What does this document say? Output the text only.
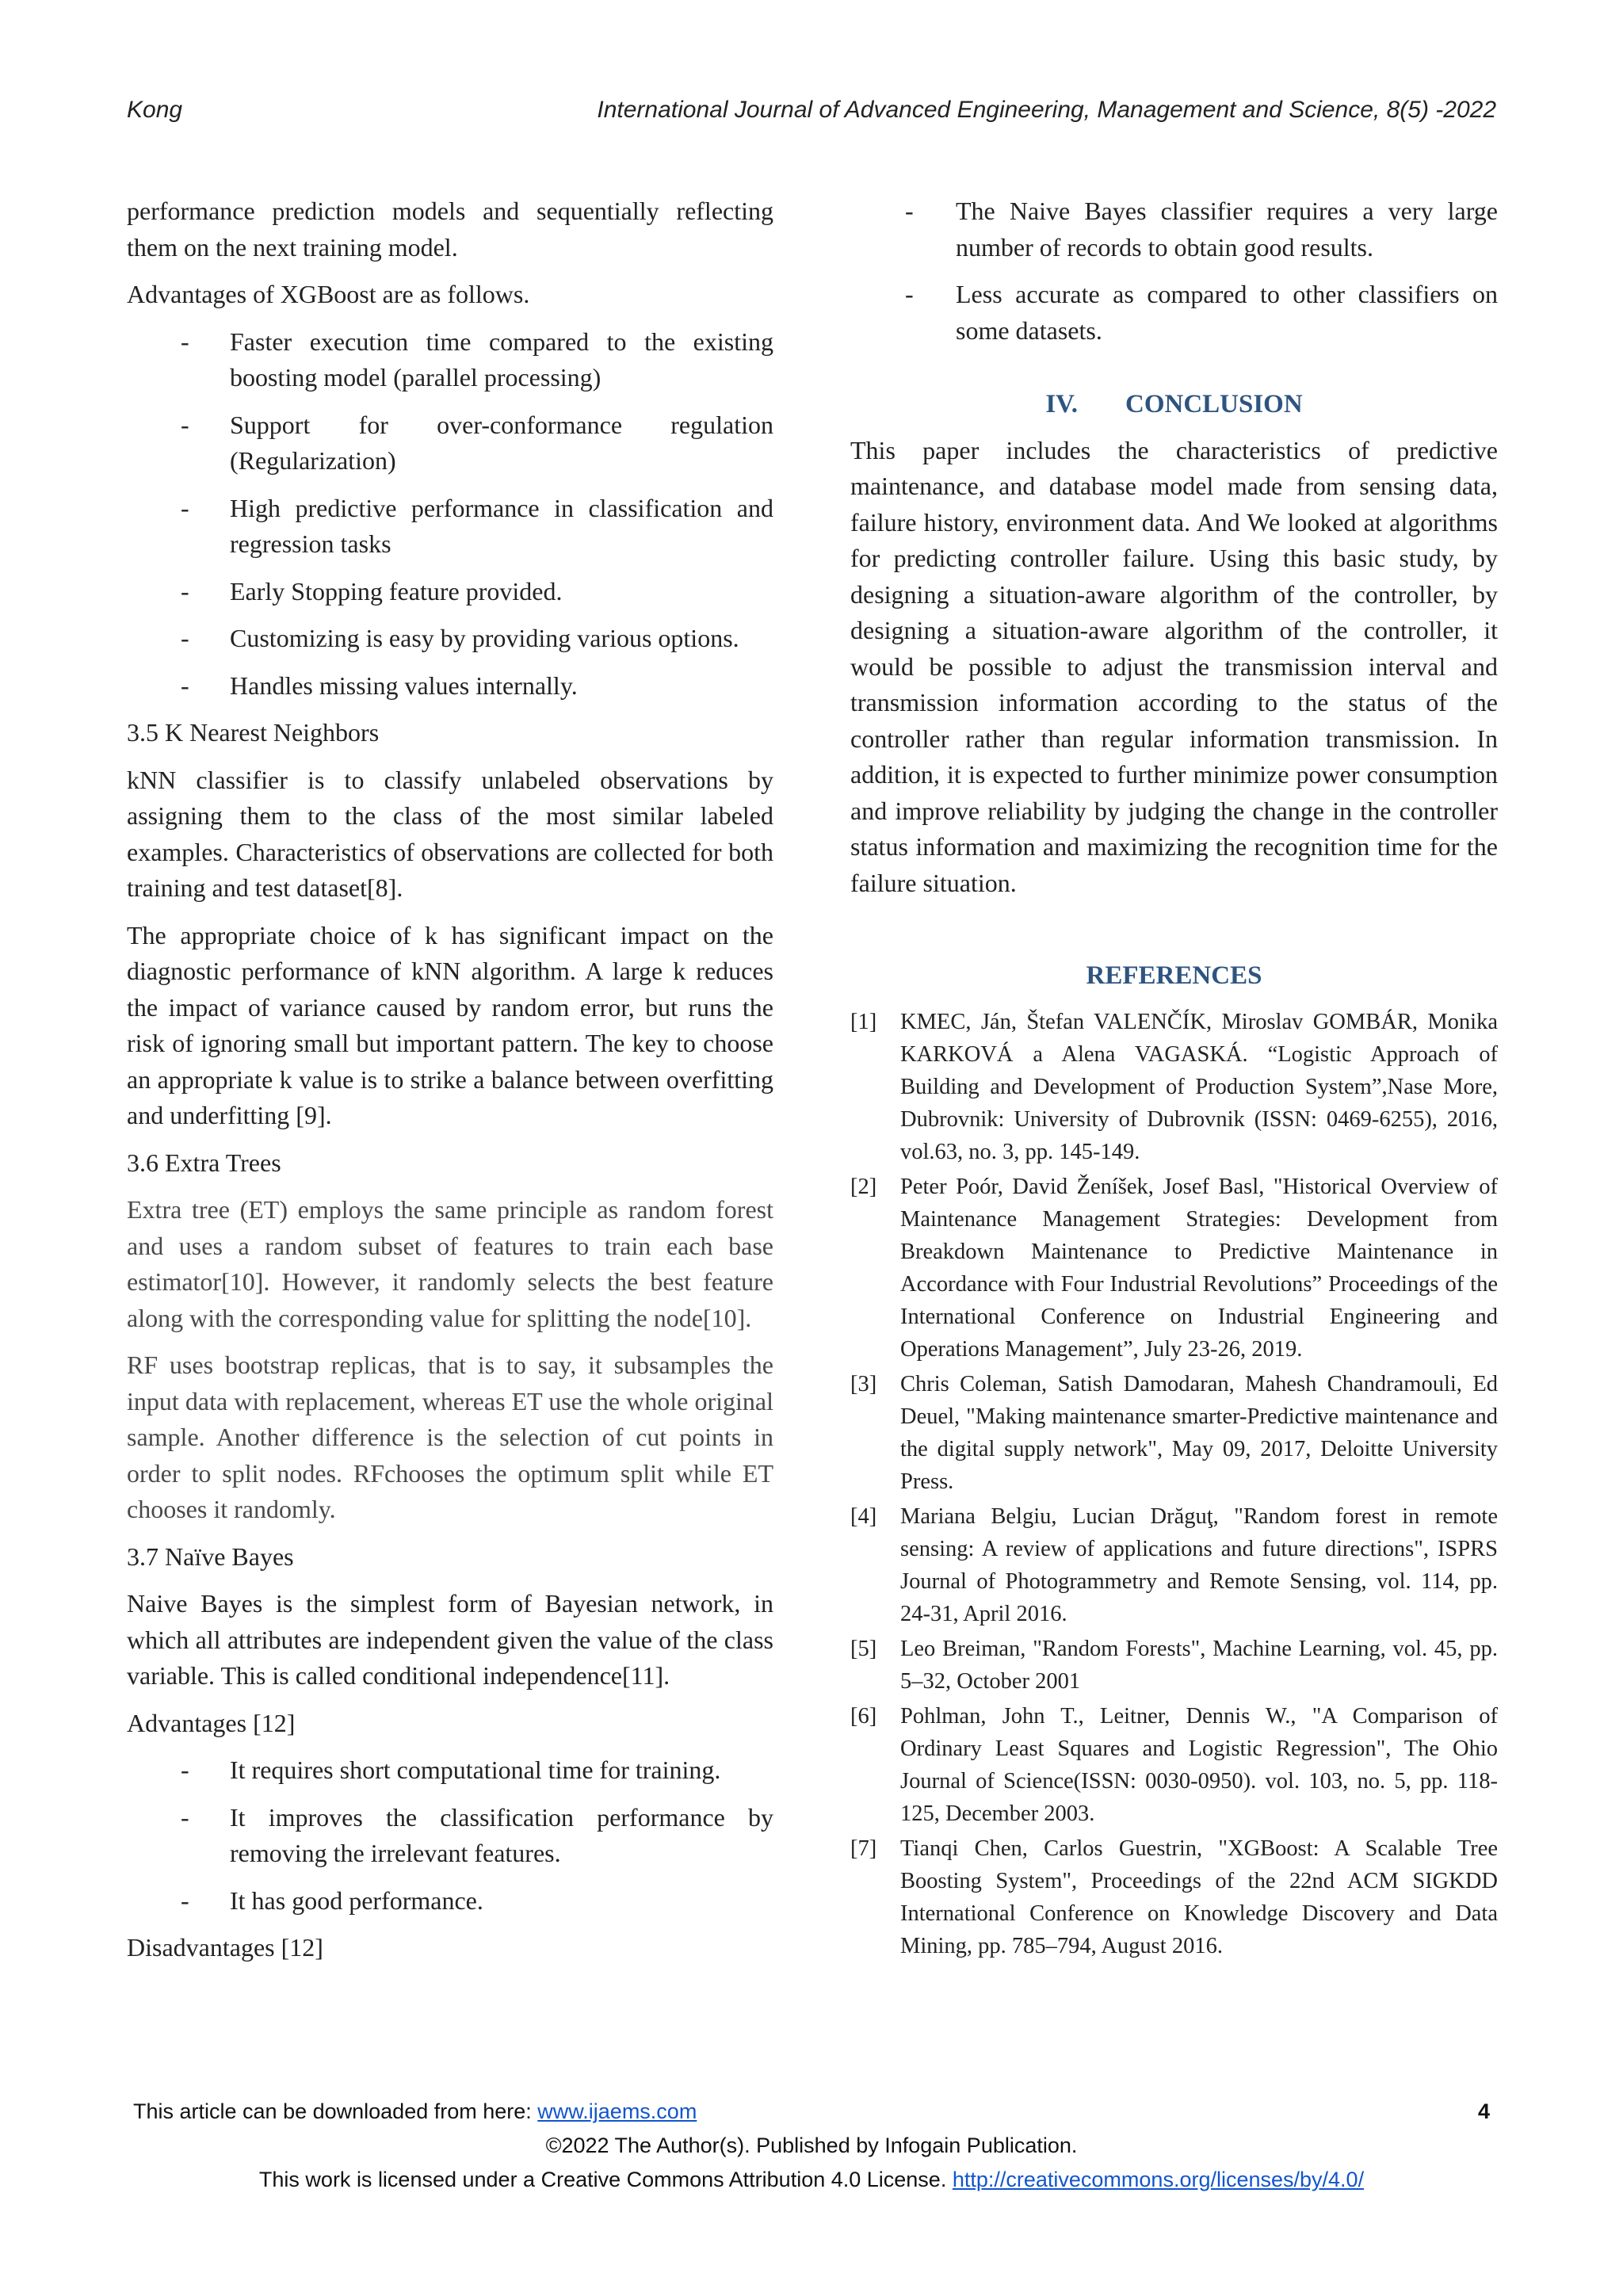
Kong	International Journal of Advanced Engineering, Management and Science, 8(5) -2022

performance prediction models and sequentially reflecting them on the next training model.

Advantages of XGBoost are as follows.

- Faster execution time compared to the existing boosting model (parallel processing)
- Support for over-conformance regulation (Regularization)
- High predictive performance in classification and regression tasks
- Early Stopping feature provided.
- Customizing is easy by providing various options.
- Handles missing values internally.
3.5 K Nearest Neighbors

kNN classifier is to classify unlabeled observations by assigning them to the class of the most similar labeled examples. Characteristics of observations are collected for both training and test dataset[8].

The appropriate choice of k has significant impact on the diagnostic performance of kNN algorithm. A large k reduces the impact of variance caused by random error, but runs the risk of ignoring small but important pattern. The key to choose an appropriate k value is to strike a balance between overfitting and underfitting [9].

3.6 Extra Trees

Extra tree (ET) employs the same principle as random forest and uses a random subset of features to train each base estimator[10]. However, it randomly selects the best feature along with the corresponding value for splitting the node[10].

RF uses bootstrap replicas, that is to say, it subsamples the input data with replacement, whereas ET use the whole original sample. Another difference is the selection of cut points in order to split nodes. RFchooses the optimum split while ET chooses it randomly.

3.7 Naïve Bayes

Naive Bayes is the simplest form of Bayesian network, in which all attributes are independent given the value of the class variable. This is called conditional independence[11].

Advantages [12]

- It requires short computational time for training.
- It improves the classification performance by removing the irrelevant features.
- It has good performance.

Disadvantages [12]

- The Naive Bayes classifier requires a very large number of records to obtain good results.
- Less accurate as compared to other classifiers on some datasets.
IV. CONCLUSION

This paper includes the characteristics of predictive maintenance, and database model made from sensing data, failure history, environment data. And We looked at algorithms for predicting controller failure. Using this basic study, by designing a situation-aware algorithm of the controller, by designing a situation-aware algorithm of the controller, it would be possible to adjust the transmission interval and transmission information according to the status of the controller rather than regular information transmission. In addition, it is expected to further minimize power consumption and improve reliability by judging the change in the controller status information and maximizing the recognition time for the failure situation.

REFERENCES
[1] KMEC, Ján, Štefan VALENČÍK, Miroslav GOMBÁR, Monika KARKOVÁ a Alena VAGASKÁ. “Logistic Approach of Building and Development of Production System”,Nase More, Dubrovnik: University of Dubrovnik (ISSN: 0469-6255), 2016, vol.63, no. 3, pp. 145-149.
[2] Peter Poór, David Ženíšek, Josef Basl, "Historical Overview of Maintenance Management Strategies: Development from Breakdown Maintenance to Predictive Maintenance in Accordance with Four Industrial Revolutions” Proceedings of the International Conference on Industrial Engineering and Operations Management”, July 23-26, 2019.
[3] Chris Coleman, Satish Damodaran, Mahesh Chandramouli, Ed Deuel, "Making maintenance smarter-Predictive maintenance and the digital supply network", May 09, 2017, Deloitte University Press.
[4] Mariana Belgiu, Lucian Drăguţ, "Random forest in remote sensing: A review of applications and future directions", ISPRS Journal of Photogrammetry and Remote Sensing, vol. 114, pp. 24-31, April 2016.
[5] Leo Breiman, "Random Forests", Machine Learning, vol. 45, pp. 5–32, October 2001
[6] Pohlman, John T., Leitner, Dennis W., "A Comparison of Ordinary Least Squares and Logistic Regression", The Ohio Journal of Science(ISSN: 0030-0950). vol. 103, no. 5, pp. 118-125, December 2003.
[7] Tianqi Chen, Carlos Guestrin, "XGBoost: A Scalable Tree Boosting System", Proceedings of the 22nd ACM SIGKDD International Conference on Knowledge Discovery and Data Mining, pp. 785–794, August 2016.
This article can be downloaded from here: www.ijaems.com	4
©2022 The Author(s). Published by Infogain Publication.
This work is licensed under a Creative Commons Attribution 4.0 License. http://creativecommons.org/licenses/by/4.0/
